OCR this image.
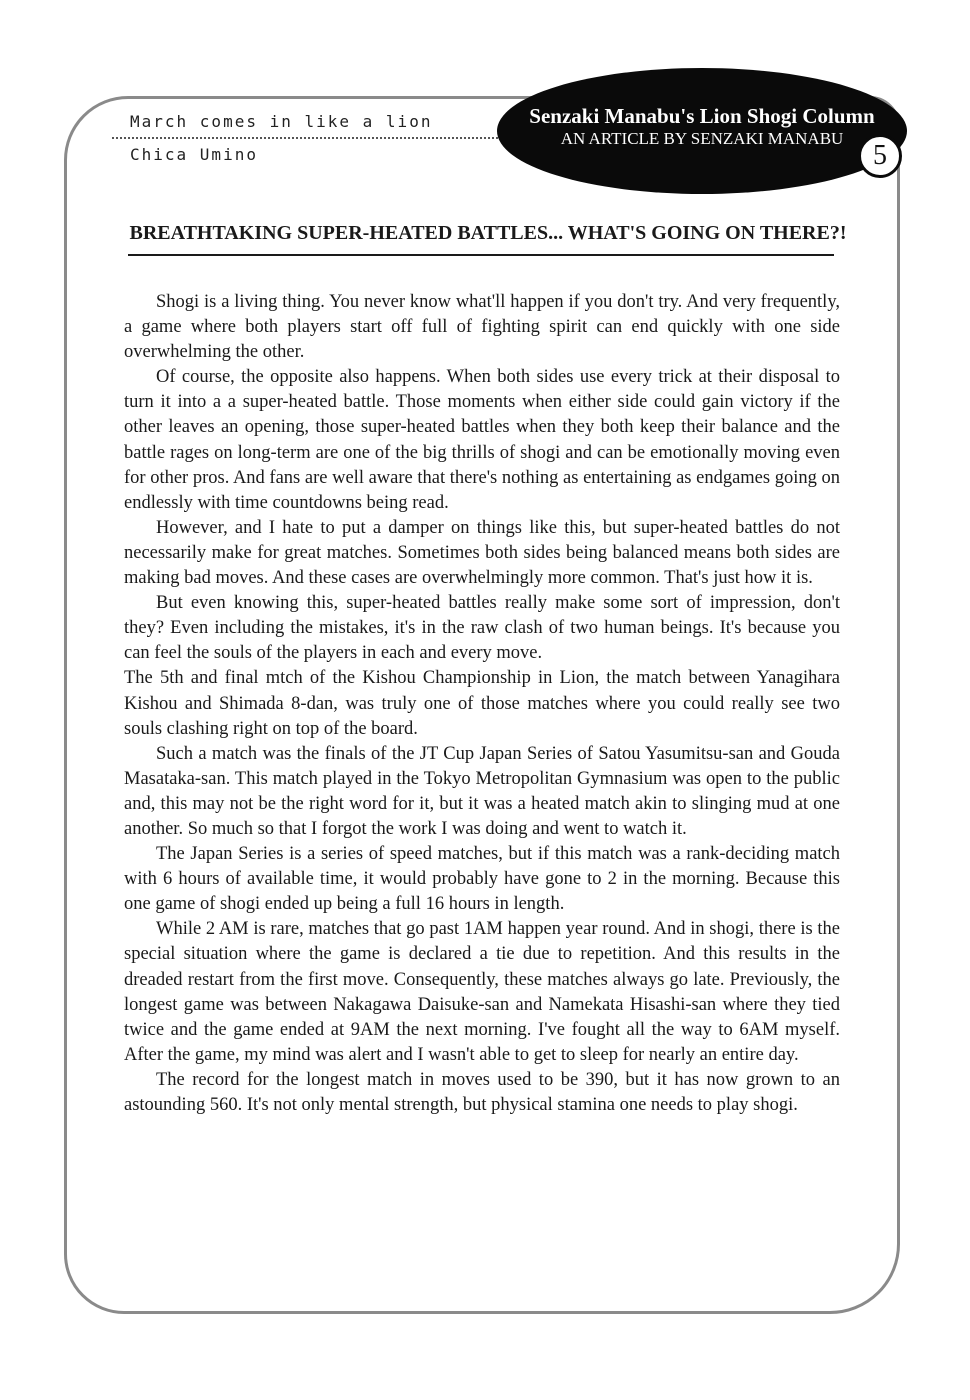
March comes in like a lion
Chica Umino
Senzaki Manabu's Lion Shogi Column
AN ARTICLE BY SENZAKI MANABU
5
BREATHTAKING SUPER-HEATED BATTLES... WHAT'S GOING ON THERE?!

Shogi is a living thing. You never know what'll happen if you don't try. And very frequently, a game where both players start off full of fighting spirit can end quickly with one side overwhelming the other.

Of course, the opposite also happens. When both sides use every trick at their disposal to turn it into a a super-heated battle. Those moments when either side could gain victory if the other leaves an opening, those super-heated battles when they both keep their balance and the battle rages on long-term are one of the big thrills of shogi and can be emotionally moving even for other pros. And fans are well aware that there's nothing as entertaining as endgames going on endlessly with time countdowns being read.

However, and I hate to put a damper on things like this, but super-heated battles do not necessarily make for great matches. Sometimes both sides being balanced means both sides are making bad moves. And these cases are overwhelmingly more common. That's just how it is.

But even knowing this, super-heated battles really make some sort of impression, don't they? Even including the mistakes, it's in the raw clash of two human beings. It's because you can feel the souls of the players in each and every move.

The 5th and final mtch of the Kishou Championship in Lion, the match between Yanagihara Kishou and Shimada 8-dan, was truly one of those matches where you could really see two souls clashing right on top of the board.

Such a match was the finals of the JT Cup Japan Series of Satou Yasumitsu-san and Gouda Masataka-san. This match played in the Tokyo Metropolitan Gymnasium was open to the public and, this may not be the right word for it, but it was a heated match akin to slinging mud at one another. So much so that I forgot the work I was doing and went to watch it.

The Japan Series is a series of speed matches, but if this match was a rank-deciding match with 6 hours of available time, it would probably have gone to 2 in the morning. Because this one game of shogi ended up being a full 16 hours in length.

While 2 AM is rare, matches that go past 1AM happen year round. And in shogi, there is the special situation where the game is declared a tie due to repetition. And this results in the dreaded restart from the first move. Consequently, these matches always go late. Previously, the longest game was between Nakagawa Daisuke-san and Namekata Hisashi-san where they tied twice and the game ended at 9AM the next morning. I've fought all the way to 6AM myself. After the game, my mind was alert and I wasn't able to get to sleep for nearly an entire day.

The record for the longest match in moves used to be 390, but it has now grown to an astounding 560. It's not only mental strength, but physical stamina one needs to play shogi.
